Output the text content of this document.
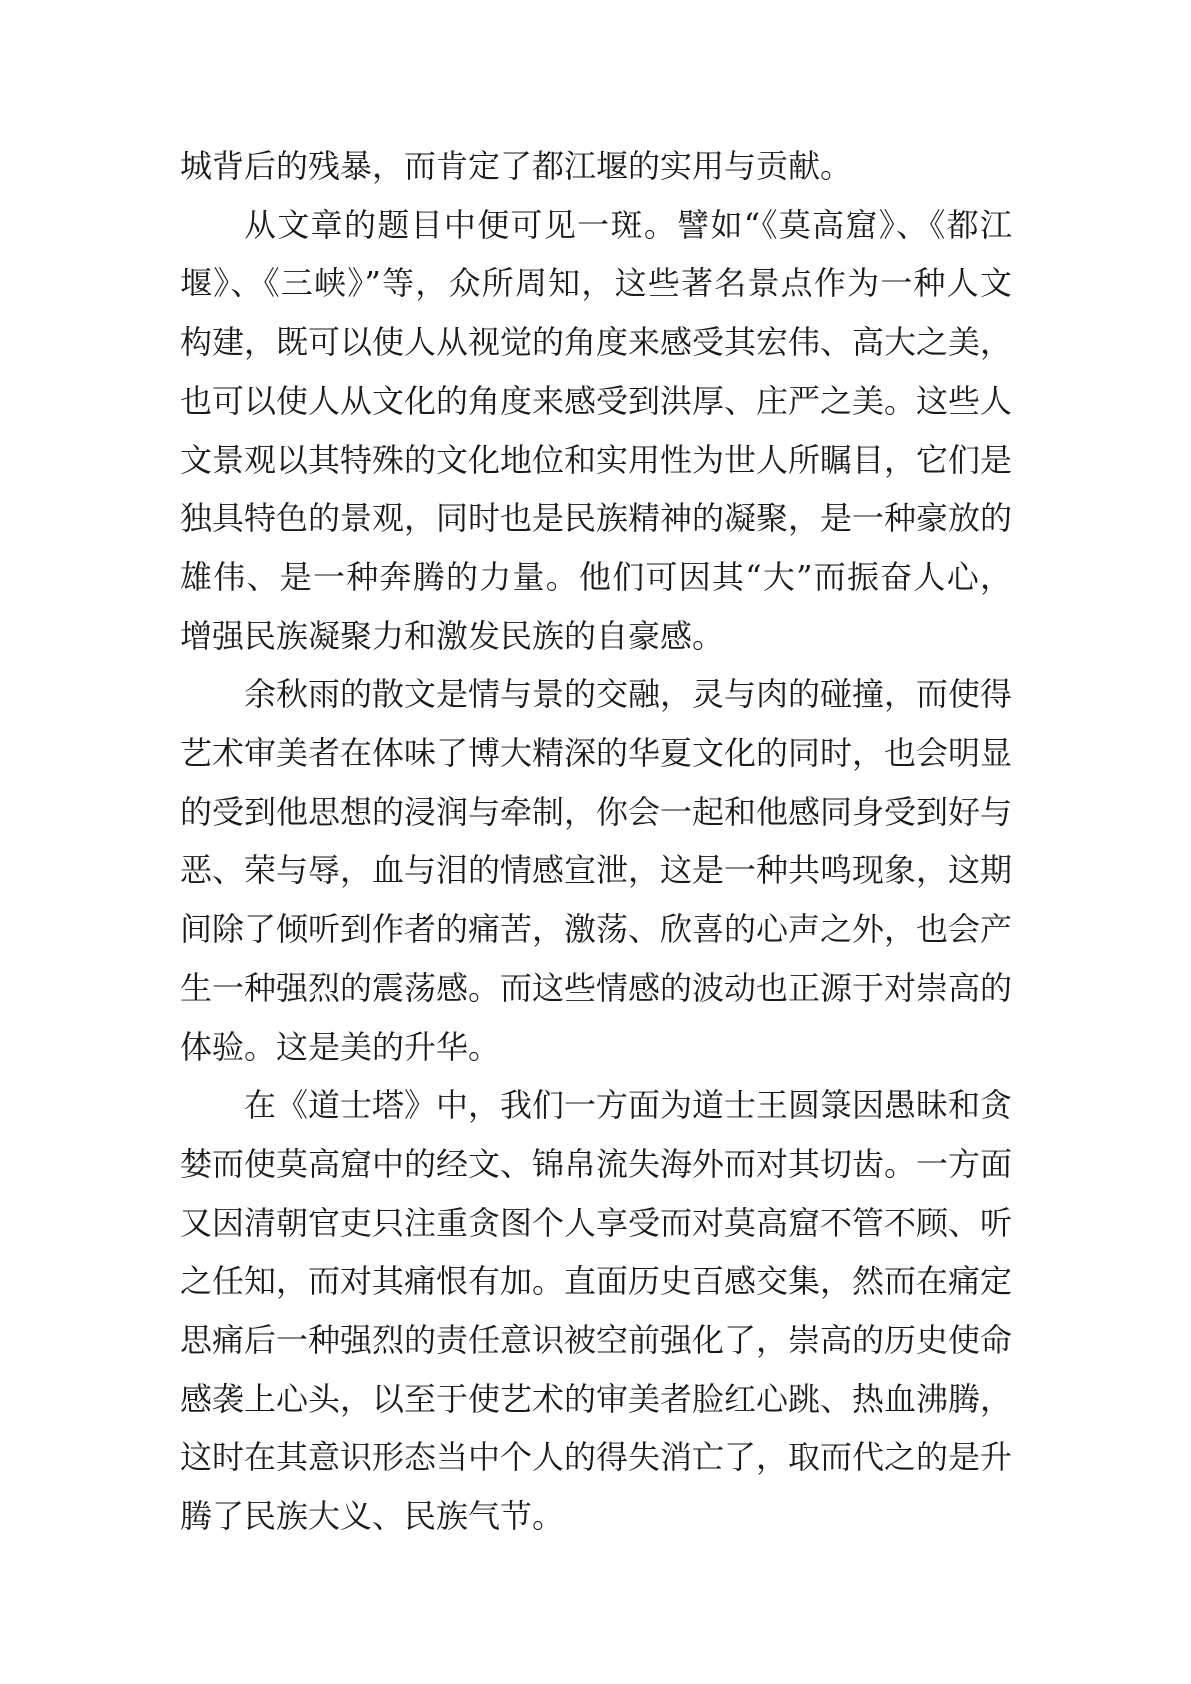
城背后的残暴，而肯定了都江堰的实用与贡献。

从文章的题目中便可见一斑。譬如“《莫高窟》、《都江堰》、《三峡》”等，众所周知，这些著名景点作为一种人文构建，既可以使人从视觉的角度来感受其宏伟、高大之美，也可以使人从文化的角度来感受到洪厚、庄严之美。这些人文景观以其特殊的文化地位和实用性为世人所瞩目，它们是独具特色的景观，同时也是民族精神的凝聚，是一种豪放的雄伟、是一种奔腾的力量。他们可因其“大”而振奋人心，增强民族凝聚力和激发民族的自豪感。

余秋雨的散文是情与景的交融，灵与肉的碰撞，而使得艺术审美者在体味了博大精深的华夏文化的同时，也会明显的受到他思想的浸润与牵制，你会一起和他感同身受到好与恶、荣与辱，血与泪的情感宣泄，这是一种共鸣现象，这期间除了倾听到作者的痛苦，激荡、欣喜的心声之外，也会产生一种强烈的震荡感。而这些情感的波动也正源于对崇高的体验。这是美的升华。

在《道士塔》中，我们一方面为道士王圆箓因愚昧和贪婪而使莫高窟中的经文、锦帛流失海外而对其切齿。一方面又因清朝官吏只注重贪图个人享受而对莫高窟不管不顾、听之任知，而对其痛恨有加。直面历史百感交集，然而在痛定思痛后一种强烈的责任意识被空前强化了，崇高的历史使命感袭上心头，以至于使艺术的审美者脸红心跳、热血沸腾，这时在其意识形态当中个人的得失消亡了，取而代之的是升腾了民族大义、民族气节。
